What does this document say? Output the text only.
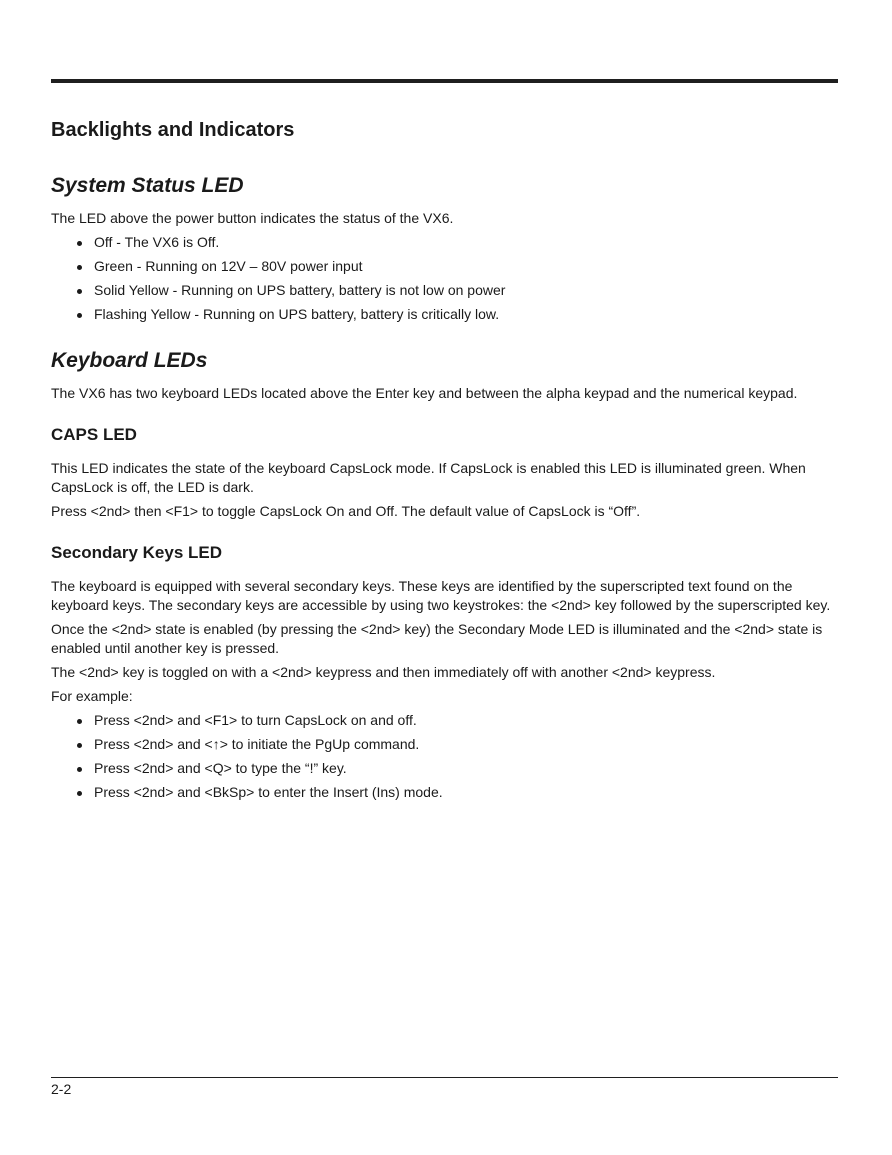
Backlights and Indicators
System Status LED

The LED above the power button indicates the status of the VX6.

Off - The VX6 is Off.
Green - Running on 12V – 80V power input
Solid Yellow - Running on UPS battery, battery is not low on power
Flashing Yellow - Running on UPS battery, battery is critically low.
Keyboard LEDs

The VX6 has two keyboard LEDs located above the Enter key and between the alpha keypad and the numerical keypad.

CAPS LED

This LED indicates the state of the keyboard CapsLock mode. If CapsLock is enabled this LED is illuminated green. When CapsLock is off, the LED is dark.

Press <2nd> then <F1> to toggle CapsLock On and Off. The default value of CapsLock is “Off”.

Secondary Keys LED

The keyboard is equipped with several secondary keys. These keys are identified by the superscripted text found on the keyboard keys. The secondary keys are accessible by using two keystrokes: the <2nd> key followed by the superscripted key.

Once the <2nd> state is enabled (by pressing the <2nd> key) the Secondary Mode LED is illuminated and the <2nd> state is enabled until another key is pressed.

The <2nd> key is toggled on with a <2nd> keypress and then immediately off with another <2nd> keypress.

For example:

Press <2nd> and <F1> to turn CapsLock on and off.
Press <2nd> and <↑> to initiate the PgUp command.
Press <2nd> and <Q> to type the “!” key.
Press <2nd> and <BkSp> to enter the Insert (Ins) mode.
2-2
